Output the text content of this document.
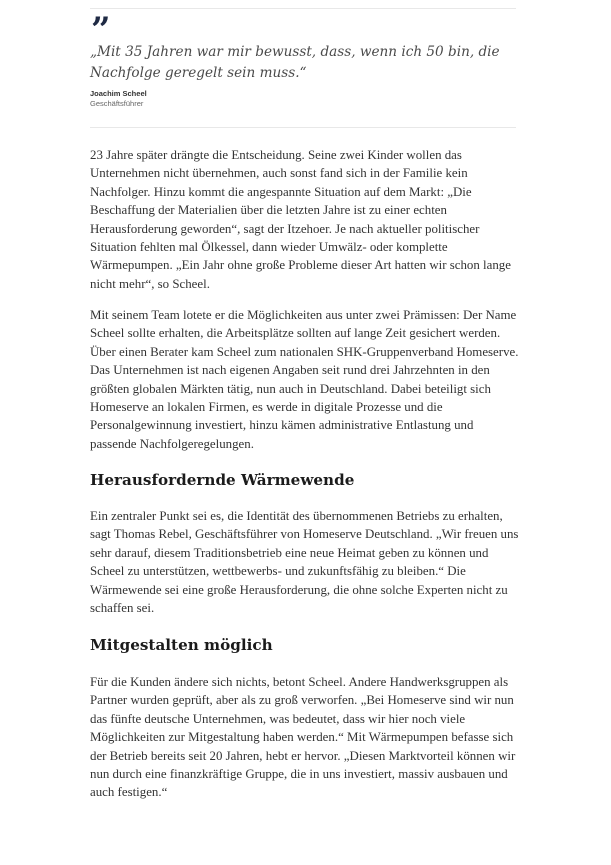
”

„Mit 35 Jahren war mir bewusst, dass, wenn ich 50 bin, die Nachfolge geregelt sein muss.“

Joachim Scheel

Geschäftsführer

23 Jahre später drängte die Entscheidung. Seine zwei Kinder wollen das Unternehmen nicht übernehmen, auch sonst fand sich in der Familie kein Nachfolger. Hinzu kommt die angespannte Situation auf dem Markt: „Die Beschaffung der Materialien über die letzten Jahre ist zu einer echten Herausforderung geworden“, sagt der Itzehoer. Je nach aktueller politischer Situation fehlten mal Ölkessel, dann wieder Umwälz- oder komplette Wärmepumpen. „Ein Jahr ohne große Probleme dieser Art hatten wir schon lange nicht mehr“, so Scheel.

Mit seinem Team lotete er die Möglichkeiten aus unter zwei Prämissen: Der Name Scheel sollte erhalten, die Arbeitsplätze sollten auf lange Zeit gesichert werden. Über einen Berater kam Scheel zum nationalen SHK-Gruppenverband Homeserve. Das Unternehmen ist nach eigenen Angaben seit rund drei Jahrzehnten in den größten globalen Märkten tätig, nun auch in Deutschland. Dabei beteiligt sich Homeserve an lokalen Firmen, es werde in digitale Prozesse und die Personalgewinnung investiert, hinzu kämen administrative Entlastung und passende Nachfolgeregelungen.

Herausfordernde Wärmewende

Ein zentraler Punkt sei es, die Identität des übernommenen Betriebs zu erhalten, sagt Thomas Rebel, Geschäftsführer von Homeserve Deutschland. „Wir freuen uns sehr darauf, diesem Traditionsbetrieb eine neue Heimat geben zu können und Scheel zu unterstützen, wettbewerbs- und zukunftsfähig zu bleiben.“ Die Wärmewende sei eine große Herausforderung, die ohne solche Experten nicht zu schaffen sei.

Mitgestalten möglich

Für die Kunden ändere sich nichts, betont Scheel. Andere Handwerksgruppen als Partner wurden geprüft, aber als zu groß verworfen. „Bei Homeserve sind wir nun das fünfte deutsche Unternehmen, was bedeutet, dass wir hier noch viele Möglichkeiten zur Mitgestaltung haben werden.“ Mit Wärmepumpen befasse sich der Betrieb bereits seit 20 Jahren, hebt er hervor. „Diesen Marktvorteil können wir nun durch eine finanzkräftige Gruppe, die in uns investiert, massiv ausbauen und auch festigen.“
